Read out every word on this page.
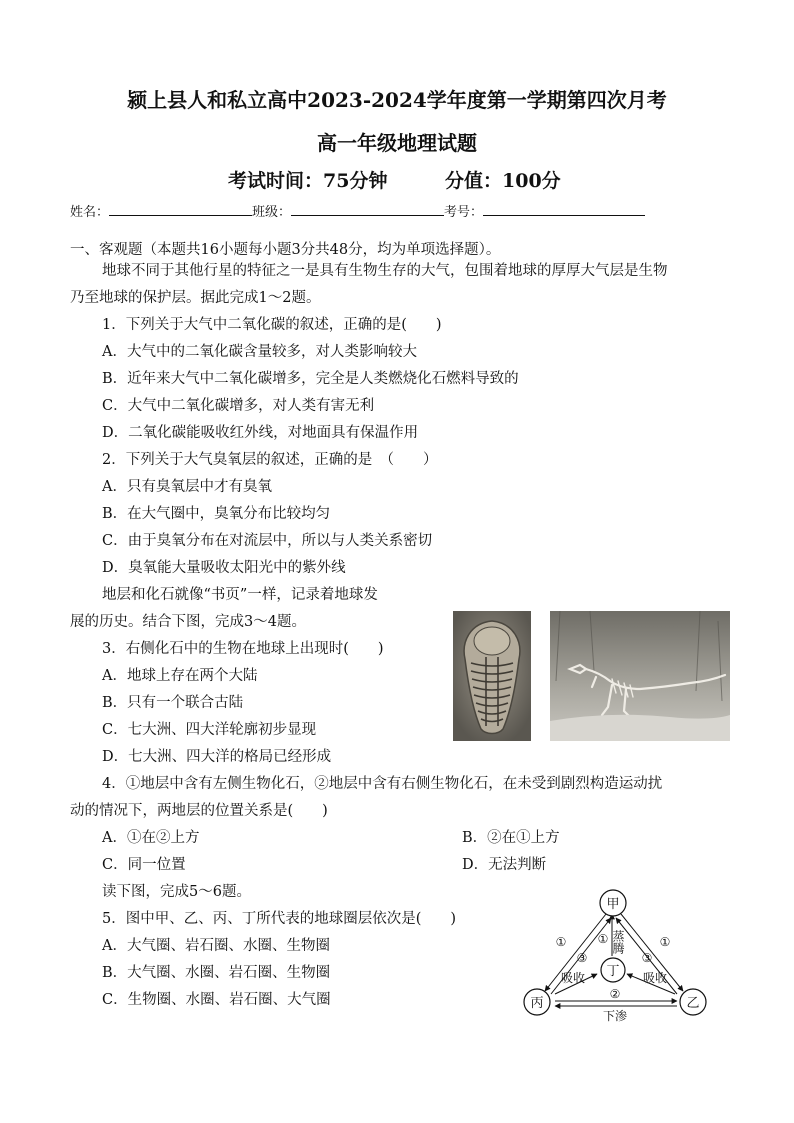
颍上县人和私立高中2023-2024学年度第一学期第四次月考
高一年级地理试题
考试时间：75分钟	分值：100分
姓名：	班级：	考号：
一、客观题（本题共16小题每小题3分共48分，均为单项选择题）。
地球不同于其他行星的特征之一是具有生物生存的大气，包围着地球的厚厚大气层是生物
乃至地球的保护层。据此完成1～2题。
1．下列关于大气中二氧化碳的叙述，正确的是(　　)
A．大气中的二氧化碳含量较多，对人类影响较大
B．近年来大气中二氧化碳增多，完全是人类燃烧化石燃料导致的
C．大气中二氧化碳增多，对人类有害无利
D．二氧化碳能吸收红外线，对地面具有保温作用
2．下列关于大气臭氧层的叙述，正确的是　（　　）
A．只有臭氧层中才有臭氧
B．在大气圈中，臭氧分布比较均匀
C．由于臭氧分布在对流层中，所以与人类关系密切
D．臭氧能大量吸收太阳光中的紫外线
地层和化石就像“书页”一样，记录着地球发
展的历史。结合下图，完成3～4题。
3．右侧化石中的生物在地球上出现时(　　)
A．地球上存在两个大陆
B．只有一个联合古陆
C．七大洲、四大洋轮廓初步显现
D．七大洲、四大洋的格局已经形成
4．①地层中含有左侧生物化石，②地层中含有右侧生物化石，在未受到剧烈构造运动扰
动的情况下，两地层的位置关系是(　　)
A．①在②上方	B．②在①上方
C．同一位置	D．无法判断
读下图，完成5～6题。
5．图中甲、乙、丙、丁所代表的地球圈层依次是(　　)
A．大气圈、岩石圈、水圈、生物圈
B．大气圈、水圈、岩石圈、生物圈
C．生物圈、水圈、岩石圈、大气圈
甲
丙	乙
丁
①	①	①
③	③
②
吸收	吸收
下渗
蒸腾
